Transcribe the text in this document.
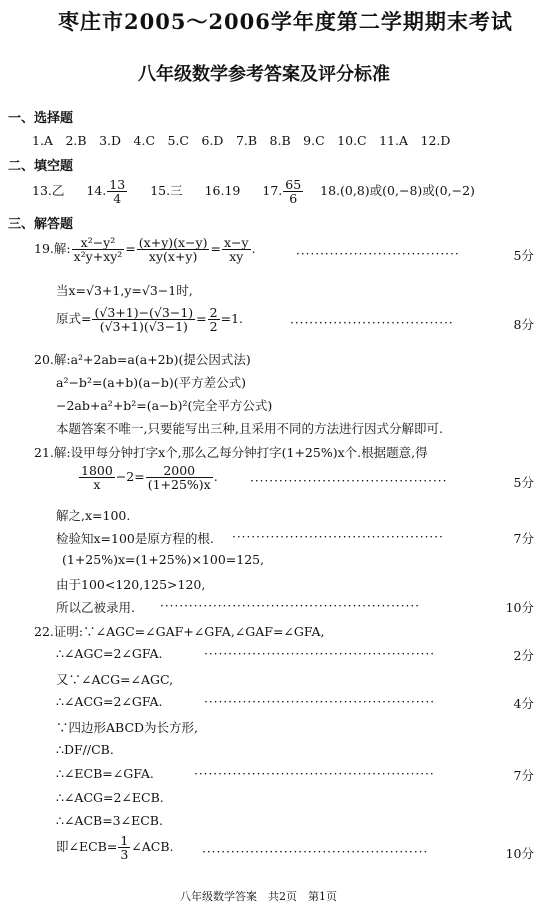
枣庄市2005～2006学年度第二学期期末考试
八年级数学参考答案及评分标准
一、选择题
1.A　2.B　3.D　4.C　5.C　6.D　7.B　8.B　9.C　10.C　11.A　12.D
二、填空题
13.乙 14. $\frac{13}{4} 15$.三 16.19 17. $\frac{65}{6} 18.(0,8)$或(0,−8)或(0,−2)
三、解答题
19.解: $\frac{\text{x²−y²}}{\text{x²y+xy²}} = \frac{(x+y)(x-y)}{xy(x+y)} = \frac{x-y}{xy}$ .	··································	5分
当x=√3+1,y=√3−1时,
原式= $\frac{(√3+1)-(√3-1)}{(√3+1)(√3-1)} = \frac{2}{2} =1$.	··································	8分
20.解:a²+2ab=a(a+2b)(提公因式法)
a²−b²=(a+b)(a−b)(平方差公式)
−2ab+a²+b²=(a−b)²(完全平方公式)
本题答案不唯一,只要能写出三种,且采用不同的方法进行因式分解即可.
21.解:设甲每分钟打字x个,那么乙每分钟打字(1+25%)x个.根据题意,得
$\frac{1800}{x} -2= \frac{2000}{(1+25\%)x}$ .	·········································	5分
解之,x=100.
检验知x=100是原方程的根. ············································	7分
(1+25%)x=(1+25%)×100=125,
由于100<120,125>120,
所以乙被录用. ······················································	10分
22.证明:∵∠AGC=∠GAF+∠GFA,∠GAF=∠GFA,
∴∠AGC=2∠GFA.	················································	2分
又∵∠ACG=∠AGC,
∴∠ACG=2∠GFA.	················································	4分
∵四边形ABCD为长方形,
∴DF//CB.
∴∠ECB=∠GFA.	··················································	7分
∴∠ACG=2∠ECB.
∴∠ACB=3∠ECB.
即∠ECB= $\frac{1}{3}$ ∠ACB. ···············································	10分
八年级数学答案　共2页　第1页
